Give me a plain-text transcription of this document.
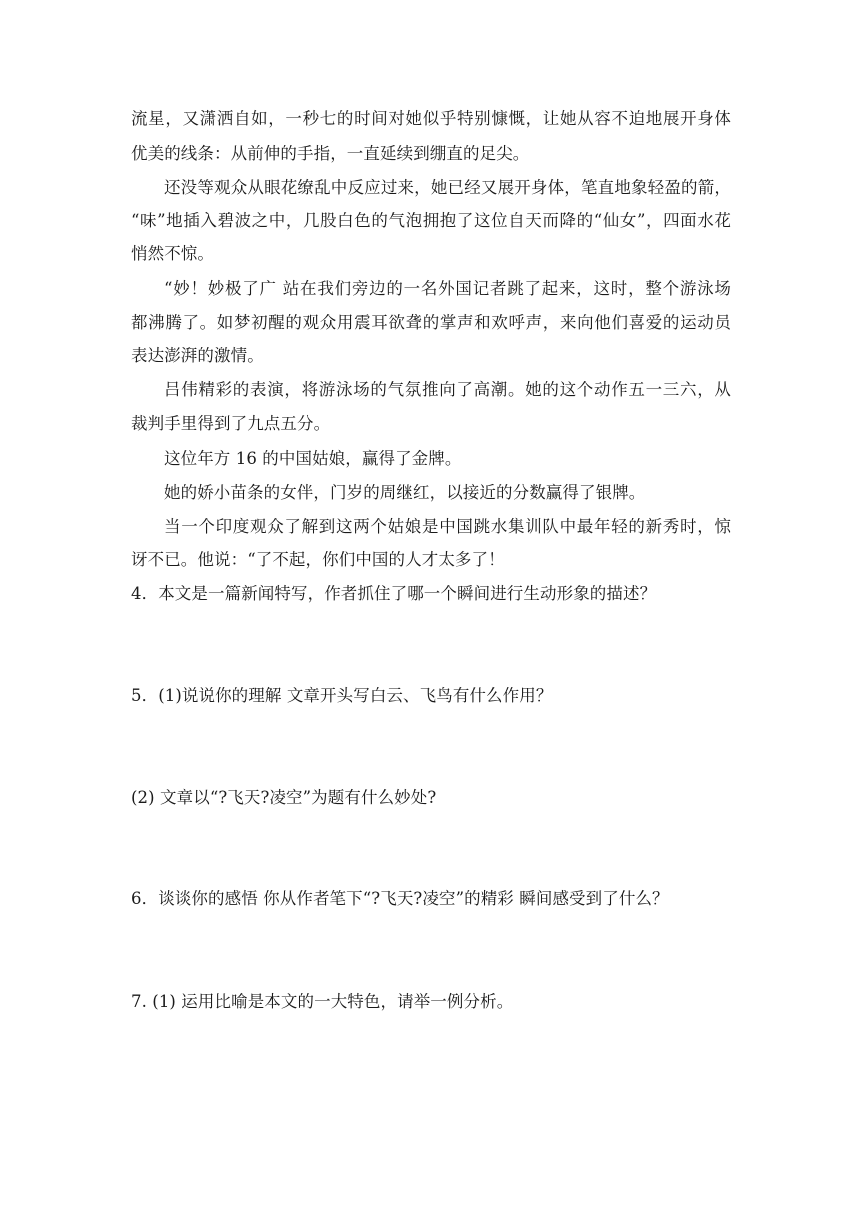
流星，又潇洒自如，一秒七的时间对她似乎特别慷慨，让她从容不迫地展开身体
优美的线条：从前伸的手指，一直延续到绷直的足尖。
还没等观众从眼花缭乱中反应过来，她已经又展开身体，笔直地象轻盈的箭，
“味”地插入碧波之中，几股白色的气泡拥抱了这位自天而降的“仙女”，四面水花
悄然不惊。
“妙！妙极了广 站在我们旁边的一名外国记者跳了起来，这时，整个游泳场
都沸腾了。如梦初醒的观众用震耳欲聋的掌声和欢呼声，来向他们喜爱的运动员
表达澎湃的激情。
吕伟精彩的表演，将游泳场的气氛推向了高潮。她的这个动作五一三六，从
裁判手里得到了九点五分。
这位年方 16 的中国姑娘，赢得了金牌。
她的娇小苗条的女伴，门岁的周继红，以接近的分数赢得了银牌。
当一个印度观众了解到这两个姑娘是中国跳水集训队中最年轻的新秀时，惊
讶不已。他说：“了不起，你们中国的人才太多了！
4．本文是一篇新闻特写，作者抓住了哪一个瞬间进行生动形象的描述？
5．(1)说说你的理解 文章开头写白云、飞鸟有什么作用？
(2) 文章以“?飞天?凌空”为题有什么妙处?
6．谈谈你的感悟 你从作者笔下“?飞天?凌空”的精彩 瞬间感受到了什么？
7. (1) 运用比喻是本文的一大特色，请举一例分析。
